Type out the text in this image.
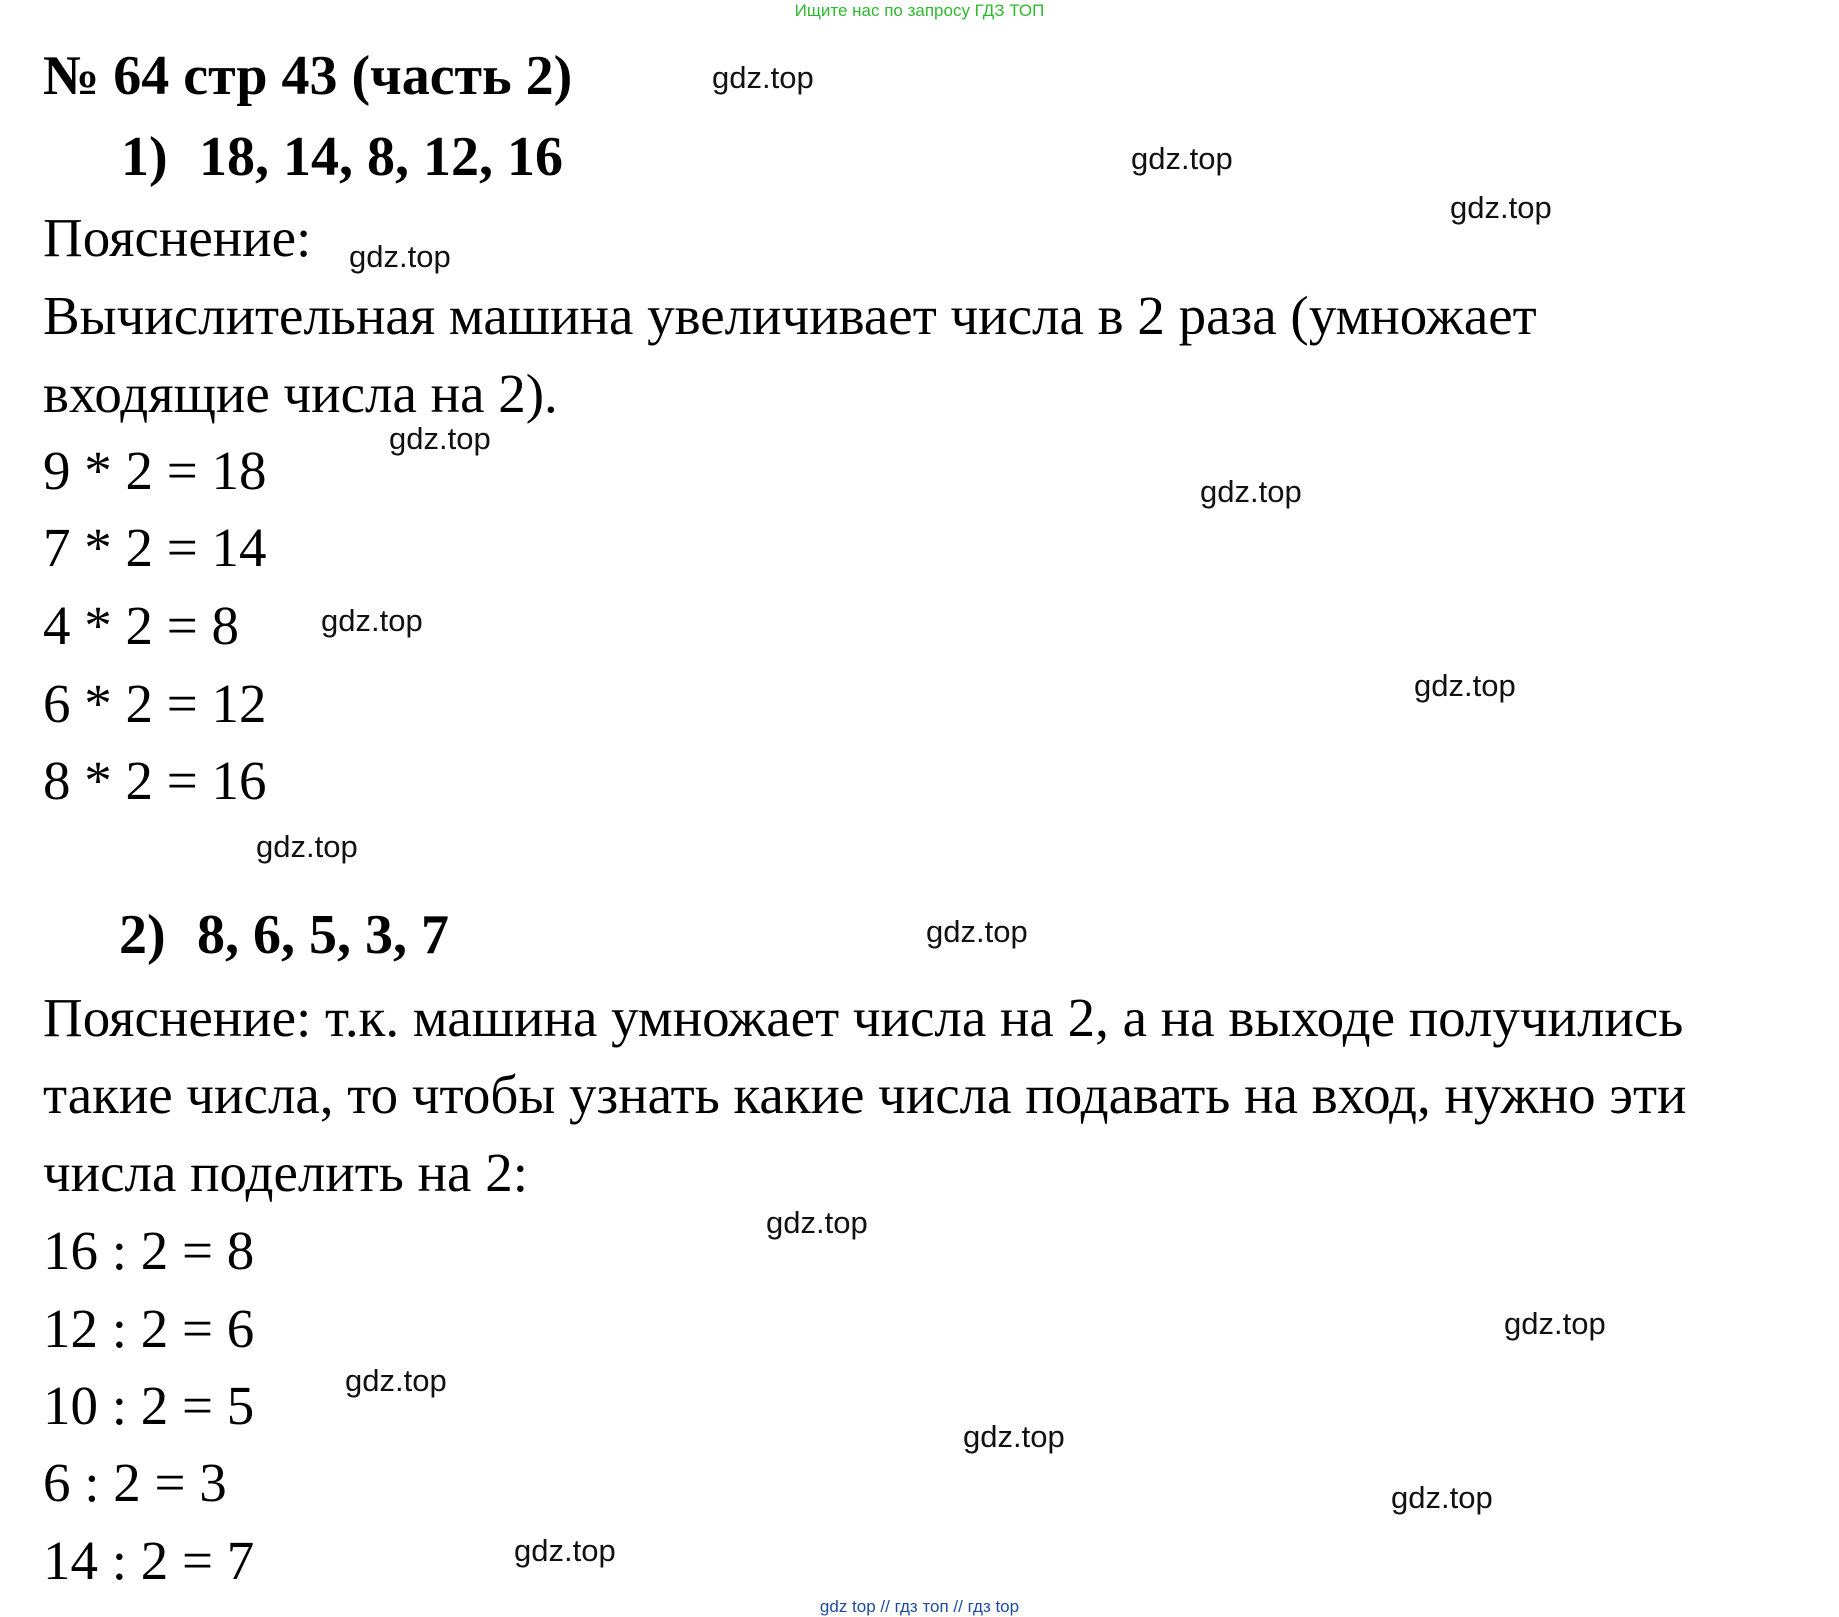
Ищите нас по запросу ГДЗ ТОП
№ 64 стр 43 (часть 2)
1) 18, 14, 8, 12, 16
Пояснение:
Вычислительная машина увеличивает числа в 2 раза (умножает
входящие числа на 2).
9 * 2 = 18
7 * 2 = 14
4 * 2 = 8
6 * 2 = 12
8 * 2 = 16
2) 8, 6, 5, 3, 7
Пояснение: т.к. машина умножает числа на 2, а на выходе получились
такие числа, то чтобы узнать какие числа подавать на вход, нужно эти
числа поделить на 2:
16 : 2 = 8
12 : 2 = 6
10 : 2 = 5
6 : 2 = 3
14 : 2 = 7
gdz.top
gdz.top
gdz.top
gdz.top
gdz.top
gdz.top
gdz.top
gdz.top
gdz.top
gdz.top
gdz.top
gdz.top
gdz.top
gdz.top
gdz.top
gdz.top
gdz top // гдз топ // гдз top
